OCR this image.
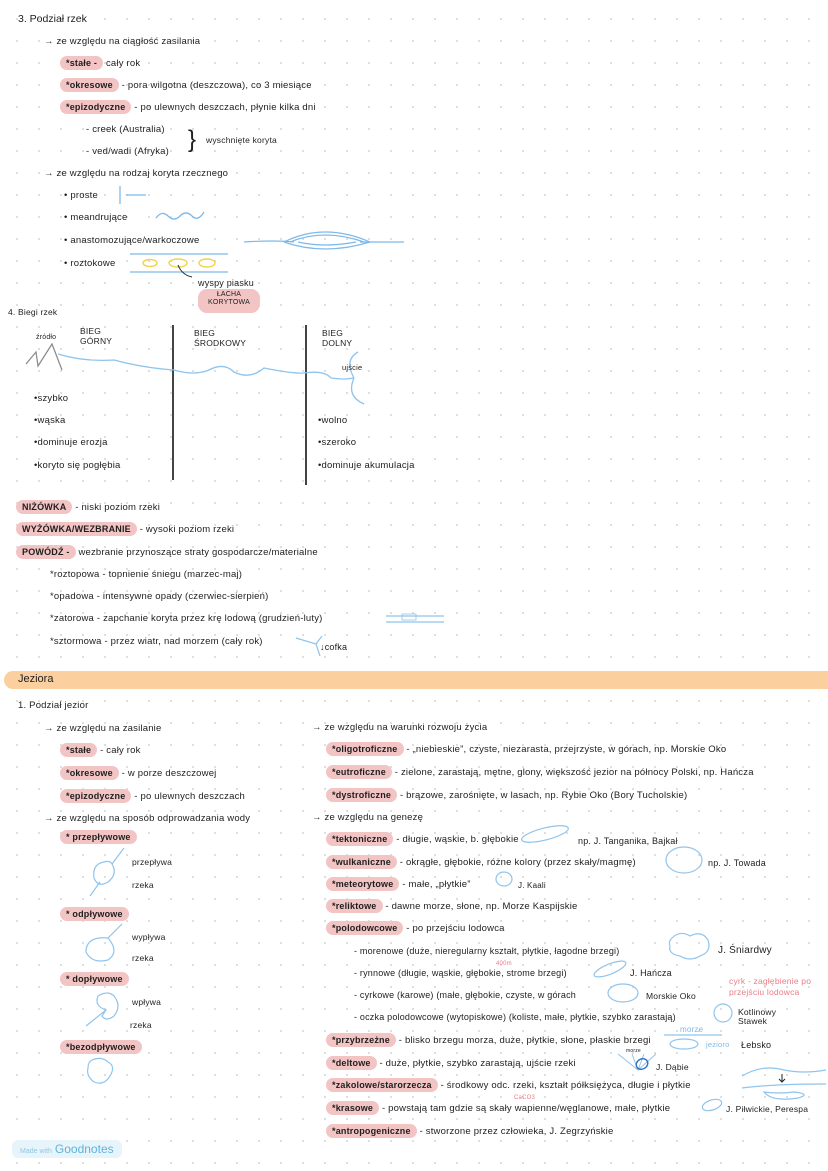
3. Podział rzek
→ ze względu na ciągłość zasilania
*stałe - cały rok
*okresowe - pora wilgotna (deszczowa), co 3 miesiące
*epizodyczne - po ulewnych deszczach, płynie kilka dni
- creek (Australia)
- ved/wadi (Afryka) } wyschnięte koryta
→ ze względu na rodzaj koryta rzecznego
• proste
• meandrujące
• anastomozujące/warkoczowe
• roztokowe
wyspy piasku
ŁACHA KORYTOWA
4. Biegi rzek
źródło
BIEG GÓRNY
BIEG ŚRODKOWY
BIEG DOLNY
ujście
•szybko
•wąska
•dominuje erozja
•koryto się pogłębia
•wolno
•szeroko
•dominuje akumulacja
NIŻÓWKA - niski poziom rzeki
WYŻÓWKA/WEZBRANIE - wysoki poziom rzeki
POWÓDŹ - wezbranie przynoszące straty gospodarcze/materialne
*roztopowa - topnienie śniegu (marzec-maj)
*opadowa - intensywne opady (czerwiec-sierpień)
*zatorowa - zapchanie koryta przez krę lodową (grudzień-luty)
*sztormowa - przez wiatr, nad morzem (cały rok)	↓cofka
Jeziora
1. Podział jezior
→ ze względu na zasilanie
*stałe - cały rok
*okresowe - w porze deszczowej
*epizodyczne - po ulewnych deszczach
→ ze względu na sposób odprowadzania wody
* przepływowe
przepływa
rzeka
* odpływowe
wypływa
rzeka
* dopływowe
wpływa
rzeka
*bezodpływowe
→ ze względu na warunki rozwoju życia
*oligotroficzne - „niebieskie”, czyste, niezarasta, przejrzyste, w górach, np. Morskie Oko
*eutroficzne - zielone, zarastają, mętne, glony, większość jezior na północy Polski, np. Hańcza
*dystroficzne - brązowe, zarośnięte, w lasach, np. Rybie Oko (Bory Tucholskie)
→ ze względu na genezę
*tektoniczne - długie, wąskie, b. głębokie	np. J. Tanganika, Bajkał
*wulkaniczne - okrągłe, głębokie, różne kolory (przez skały/magmę)	np. J. Towada
*meteorytowe - małe, „płytkie”	J. Kaali
*reliktowe - dawne morze, słone, np. Morze Kaspijskie
*polodowcowe - po przejściu lodowca
- morenowe (duże, nieregularny kształt, płytkie, łagodne brzegi)	J. Śniardwy
- rynnowe (długie, wąskie, głębokie, strome brzegi)
400m
J. Hańcza
- cyrkowe (karowe) (małe, głębokie, czyste, w górach	Morskie Oko
cyrk - zagłębienie po przejściu lodowca
- oczka polodowcowe (wytopiskowe) (koliste, małe, płytkie, szybko zarastają)	Kotlinowy Stawek
*przybrzeżne - blisko brzegu morza, duże, płytkie, słone, płaskie brzegi
morze
jezioro Łebsko
*deltowe - duże, płytkie, szybko zarastają, ujście rzeki
morze
J. Dąbie
*zakolowe/starorzecza - środkowy odc. rzeki, kształt półksiężyca, długie i płytkie
CaCO3
*krasowe - powstają tam gdzie są skały wapienne/węglanowe, małe, płytkie	J. Piłwickie, Perespa
*antropogeniczne - stworzone przez człowieka, J. Zegrzyńskie
Made with Goodnotes
